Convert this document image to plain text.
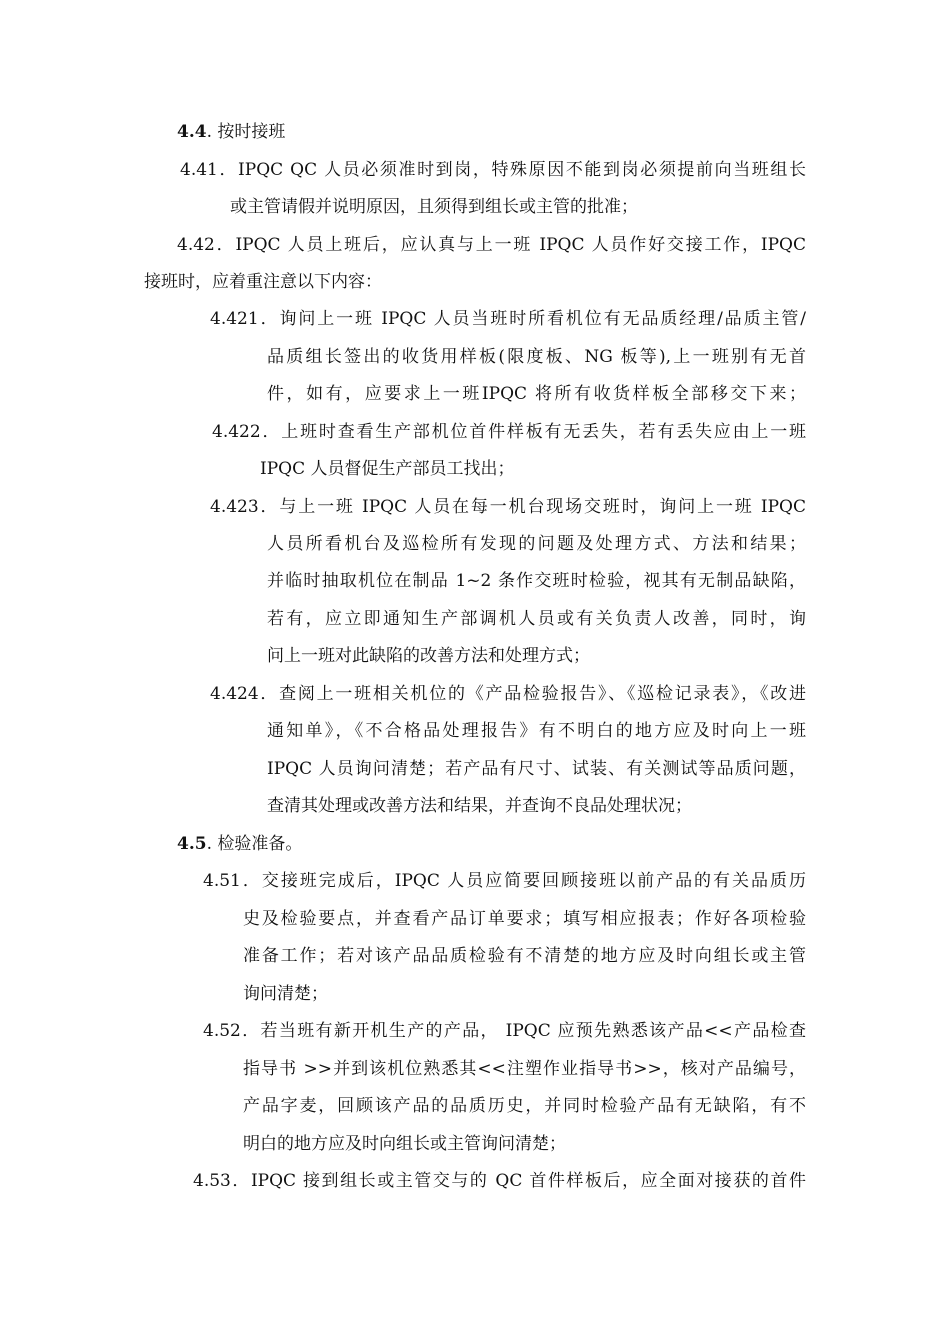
4.4. 按时接班
4.41．IPQC QC 人员必须准时到岗，特殊原因不能到岗必须提前向当班组长
或主管请假并说明原因，且须得到组长或主管的批准；
4.42．IPQC 人员上班后，应认真与上一班 IPQC 人员作好交接工作，IPQC
接班时，应着重注意以下内容：
4.421．询问上一班 IPQC 人员当班时所看机位有无品质经理/品质主管/
品质组长签出的收货用样板(限度板、NG 板等),上一班别有无首
件，如有，应要求上一班IPQC 将所有收货样板全部移交下来；
4.422．上班时查看生产部机位首件样板有无丢失，若有丢失应由上一班
IPQC 人员督促生产部员工找出；
4.423．与上一班 IPQC 人员在每一机台现场交班时，询问上一班 IPQC
人员所看机台及巡检所有发现的问题及处理方式、方法和结果；
并临时抽取机位在制品 1~2 条作交班时检验，视其有无制品缺陷，
若有，应立即通知生产部调机人员或有关负责人改善，同时，询
问上一班对此缺陷的改善方法和处理方式；
4.424．查阅上一班相关机位的《产品检验报告》、《巡检记录表》，《改进
通知单》，《不合格品处理报告》有不明白的地方应及时向上一班
IPQC 人员询问清楚；若产品有尺寸、试装、有关测试等品质问题，
查清其处理或改善方法和结果，并查询不良品处理状况；
4.5. 检验准备。
4.51．交接班完成后，IPQC 人员应简要回顾接班以前产品的有关品质历
史及检验要点，并查看产品订单要求；填写相应报表；作好各项检验
准备工作；若对该产品品质检验有不清楚的地方应及时向组长或主管
询问清楚；
4.52．若当班有新开机生产的产品， IPQC 应预先熟悉该产品<<产品检查
指导书 >>并到该机位熟悉其<<注塑作业指导书>>，核对产品编号，
产品字麦，回顾该产品的品质历史，并同时检验产品有无缺陷，有不
明白的地方应及时向组长或主管询问清楚；
4.53．IPQC 接到组长或主管交与的 QC 首件样板后，应全面对接获的首件
